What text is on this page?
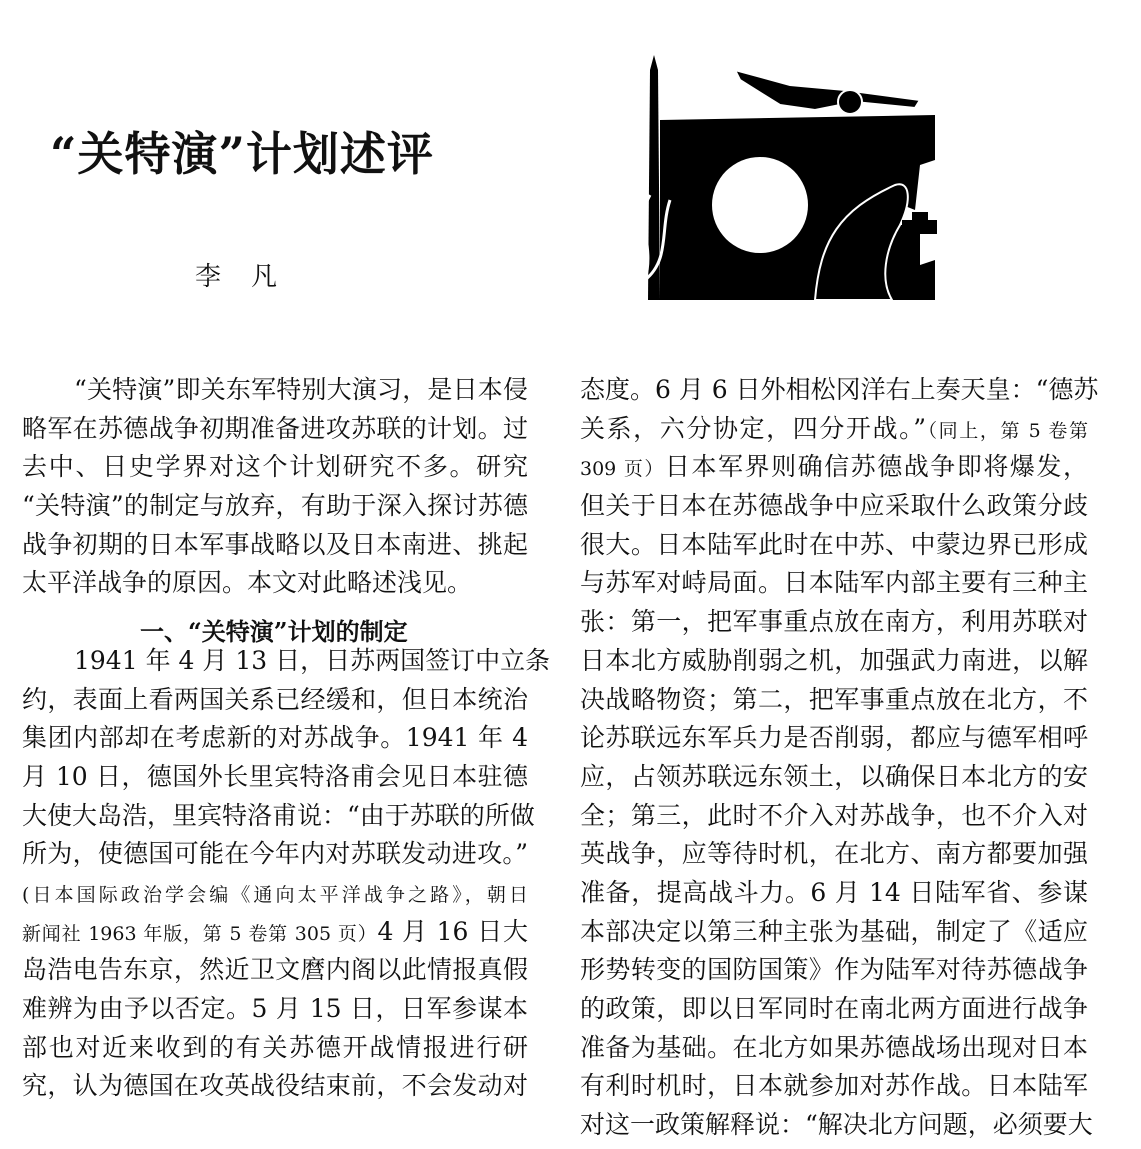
“关特演”计划述评
李 凡
“关特演”即关东军特别大演习，是日本侵
略军在苏德战争初期准备进攻苏联的计划。过
去中、日史学界对这个计划研究不多。研究
“关特演”的制定与放弃，有助于深入探讨苏德
战争初期的日本军事战略以及日本南进、挑起
太平洋战争的原因。本文对此略述浅见。
一、“关特演”计划的制定
1941 年 4 月 13 日，日苏两国签订中立条
约，表面上看两国关系已经缓和，但日本统治
集团内部却在考虑新的对苏战争。1941 年 4
月 10 日，德国外长里宾特洛甫会见日本驻德
大使大岛浩，里宾特洛甫说：“由于苏联的所做
所为，使德国可能在今年内对苏联发动进攻。”
(日本国际政治学会编《通向太平洋战争之路》，朝日
新闻社 1963 年版，第 5 卷第 305 页）4 月 16 日大
岛浩电告东京，然近卫文麿内阁以此情报真假
难辨为由予以否定。5 月 15 日，日军参谋本
部也对近来收到的有关苏德开战情报进行研
究，认为德国在攻英战役结束前，不会发动对
态度。6 月 6 日外相松冈洋右上奏天皇：“德苏
关系，六分协定，四分开战。”（同上，第 5 卷第
309 页）日本军界则确信苏德战争即将爆发，
但关于日本在苏德战争中应采取什么政策分歧
很大。日本陆军此时在中苏、中蒙边界已形成
与苏军对峙局面。日本陆军内部主要有三种主
张：第一，把军事重点放在南方，利用苏联对
日本北方威胁削弱之机，加强武力南进，以解
决战略物资；第二，把军事重点放在北方，不
论苏联远东军兵力是否削弱，都应与德军相呼
应，占领苏联远东领土，以确保日本北方的安
全；第三，此时不介入对苏战争，也不介入对
英战争，应等待时机，在北方、南方都要加强
准备，提高战斗力。6 月 14 日陆军省、参谋
本部决定以第三种主张为基础，制定了《适应
形势转变的国防国策》作为陆军对待苏德战争
的政策，即以日军同时在南北两方面进行战争
准备为基础。在北方如果苏德战场出现对日本
有利时机时，日本就参加对苏作战。日本陆军
对这一政策解释说：“解决北方问题，必须要大
